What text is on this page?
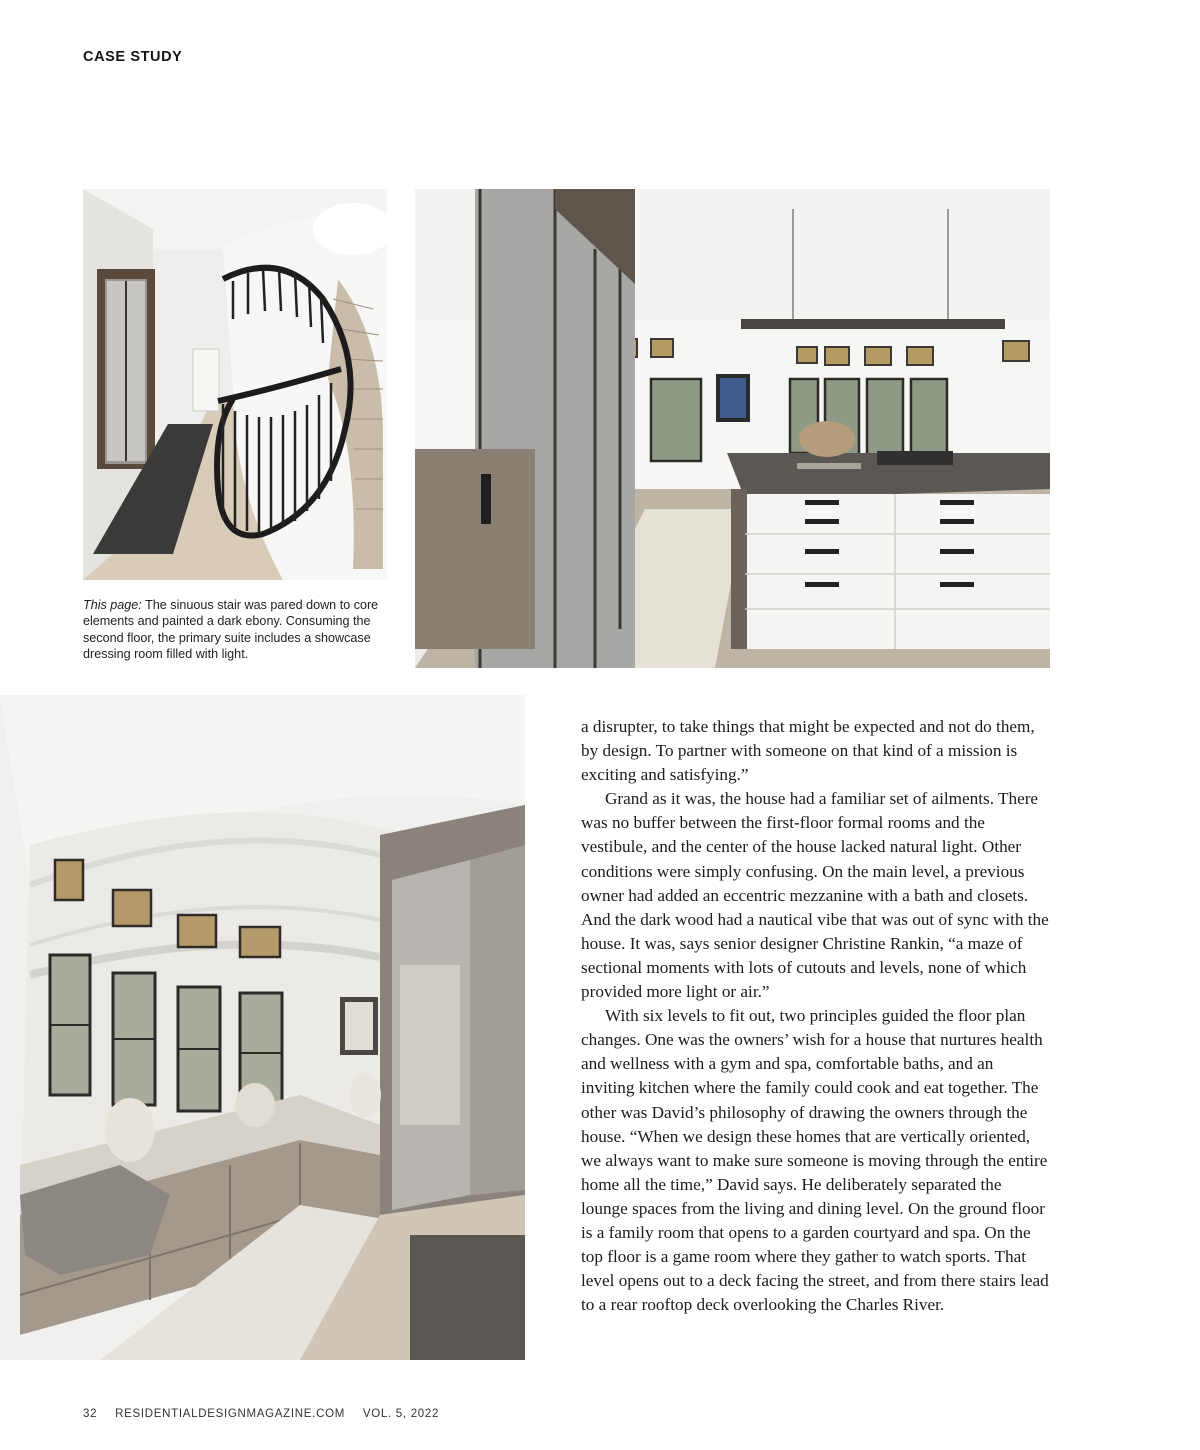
CASE STUDY
This page: The sinuous stair was pared down to core elements and painted a dark ebony. Consuming the second floor, the primary suite includes a showcase dressing room filled with light.

a disrupter, to take things that might be expected and not do them, by design. To partner with someone on that kind of a mission is exciting and satisfying.”

Grand as it was, the house had a familiar set of ailments. There was no buffer between the first-floor formal rooms and the vestibule, and the center of the house lacked natural light. Other conditions were simply confusing. On the main level, a previous owner had added an eccentric mezzanine with a bath and closets. And the dark wood had a nautical vibe that was out of sync with the house. It was, says senior designer Christine Rankin, “a maze of sectional moments with lots of cutouts and levels, none of which provided more light or air.”

With six levels to fit out, two principles guided the floor plan changes. One was the owners’ wish for a house that nurtures health and wellness with a gym and spa, comfortable baths, and an inviting kitchen where the family could cook and eat together. The other was David’s philosophy of drawing the owners through the house. “When we design these homes that are vertically oriented, we always want to make sure someone is moving through the entire home all the time,” David says. He deliberately separated the lounge spaces from the living and dining level. On the ground floor is a family room that opens to a garden courtyard and spa. On the top floor is a game room where they gather to watch sports. That level opens out to a deck facing the street, and from there stairs lead to a rear rooftop deck overlooking the Charles River.

32 RESIDENTIALDESIGNMAGAZINE.COM VOL. 5, 2022
